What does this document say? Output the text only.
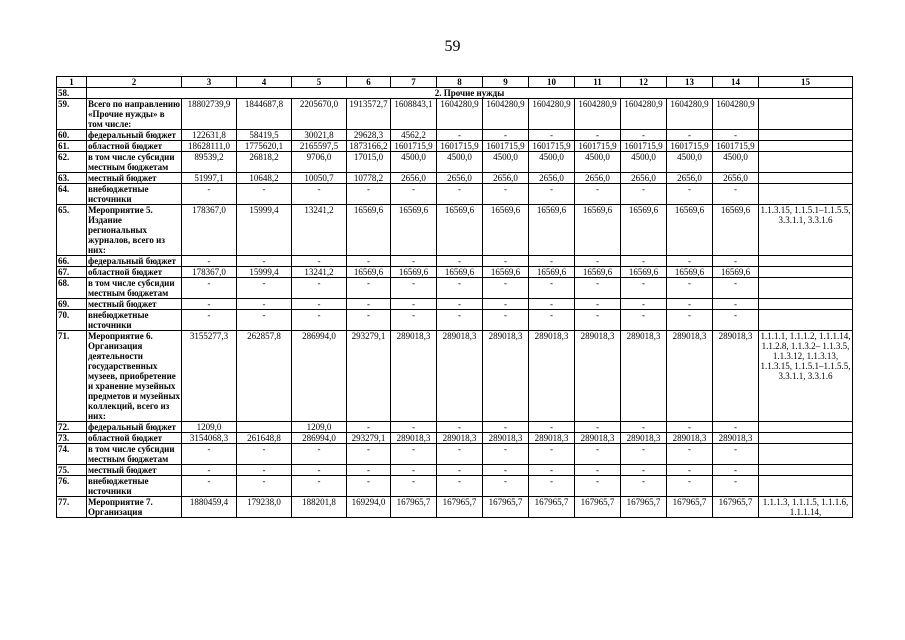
59
1	2	3	4	5	6	7	8	9	10	11	12	13	14	15
58.	2. Прочие нужды													
59.	Всего по направлению «Прочие нужды» в том числе:	18802739,9	1844687,8	2205670,0	1913572,7	1608843,1	1604280,9	1604280,9	1604280,9	1604280,9	1604280,9	1604280,9	1604280,9	
60.	федеральный бюджет	122631,8	58419,5	30021,8	29628,3	4562,2	-	-	-	-	-	-	-	
61.	областной бюджет	18628111,0	1775620,1	2165597,5	1873166,2	1601715,9	1601715,9	1601715,9	1601715,9	1601715,9	1601715,9	1601715,9	1601715,9	
62.	в том числе субсидии местным бюджетам	89539,2	26818,2	9706,0	17015,0	4500,0	4500,0	4500,0	4500,0	4500,0	4500,0	4500,0	4500,0	
63.	местный бюджет	51997,1	10648,2	10050,7	10778,2	2656,0	2656,0	2656,0	2656,0	2656,0	2656,0	2656,0	2656,0	
64.	внебюджетные источники	-	-	-	-	-	-	-	-	-	-	-	-	
65.	Мероприятие 5. Издание региональных журналов, всего из них:	178367,0	15999,4	13241,2	16569,6	16569,6	16569,6	16569,6	16569,6	16569,6	16569,6	16569,6	16569,6	1.1.3.15, 1.1.5.1–1.1.5.5, 3.3.1.1, 3.3.1.6
66.	федеральный бюджет	-	-	-	-	-	-	-	-	-	-	-	-	
67.	областной бюджет	178367,0	15999,4	13241,2	16569,6	16569,6	16569,6	16569,6	16569,6	16569,6	16569,6	16569,6	16569,6	
68.	в том числе субсидии местным бюджетам	-	-	-	-	-	-	-	-	-	-	-	-	
69.	местный бюджет	-	-	-	-	-	-	-	-	-	-	-	-	
70.	внебюджетные источники	-	-	-	-	-	-	-	-	-	-	-	-	
71.	Мероприятие 6. Организация деятельности государственных музеев, приобретение и хранение музейных предметов и музейных коллекций, всего из них:	3155277,3	262857,8	286994,0	293279,1	289018,3	289018,3	289018,3	289018,3	289018,3	289018,3	289018,3	289018,3	1.1.1.1, 1.1.1.2, 1.1.1.14, 1.1.2.8, 1.1.3.2– 1.1.3.5, 1.1.3.12, 1.1.3.13, 1.1.3.15, 1.1.5.1–1.1.5.5, 3.3.1.1, 3.3.1.6
72.	федеральный бюджет	1209,0		1209,0	-	-	-	-	-	-	-	-	-	
73.	областной бюджет	3154068,3	261648,8	286994,0	293279,1	289018,3	289018,3	289018,3	289018,3	289018,3	289018,3	289018,3	289018,3	
74.	в том числе субсидии местным бюджетам	-	-	-	-	-	-	-	-	-	-	-	-	
75.	местный бюджет	-	-	-	-	-	-	-	-	-	-	-	-	
76.	внебюджетные источники	-	-	-	-	-	-	-	-	-	-	-	-	
77.	Мероприятие 7. Организация	1880459,4	179238,0	188201,8	169294,0	167965,7	167965,7	167965,7	167965,7	167965,7	167965,7	167965,7	167965,7	1.1.1.3, 1.1.1.5, 1.1.1.6, 1.1.1.14,
